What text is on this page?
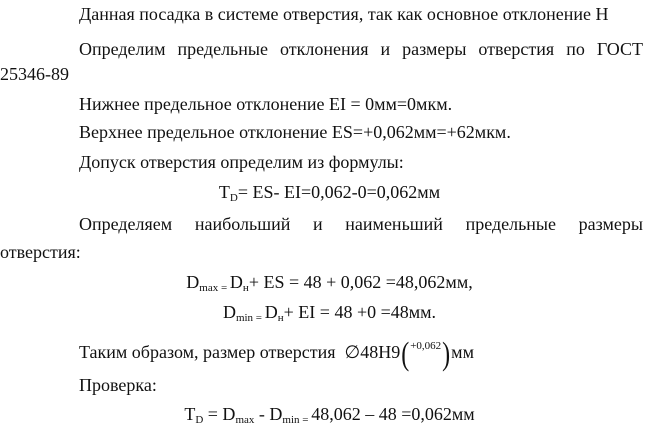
Данная посадка в системе отверстия, так как основное отклонение Н
Определим предельные отклонения и размеры отверстия по ГОСТ
25346-89
Нижнее предельное отклонение EI = 0мм=0мкм.
Верхнее предельное отклонение ES=+0,062мм=+62мкм.
Допуск отверстия определим из формулы:
$T_D= ES-$ EI=0,062-0=0,062мм
Определяем наибольший и наименьший предельные размеры
отверстия:
$D_{max =}$ $D_н+$ ES = 48 + 0,062 =48,062мм,
$D_{min =}$ $D_н+$ EI = 48 +0 =48мм.
Таким образом, размер отверстия ∅48H9(+0,062)мм
Проверка:
$T_D = D_{max} - D_{min =}$ 48,062 – 48 =0,062мм
